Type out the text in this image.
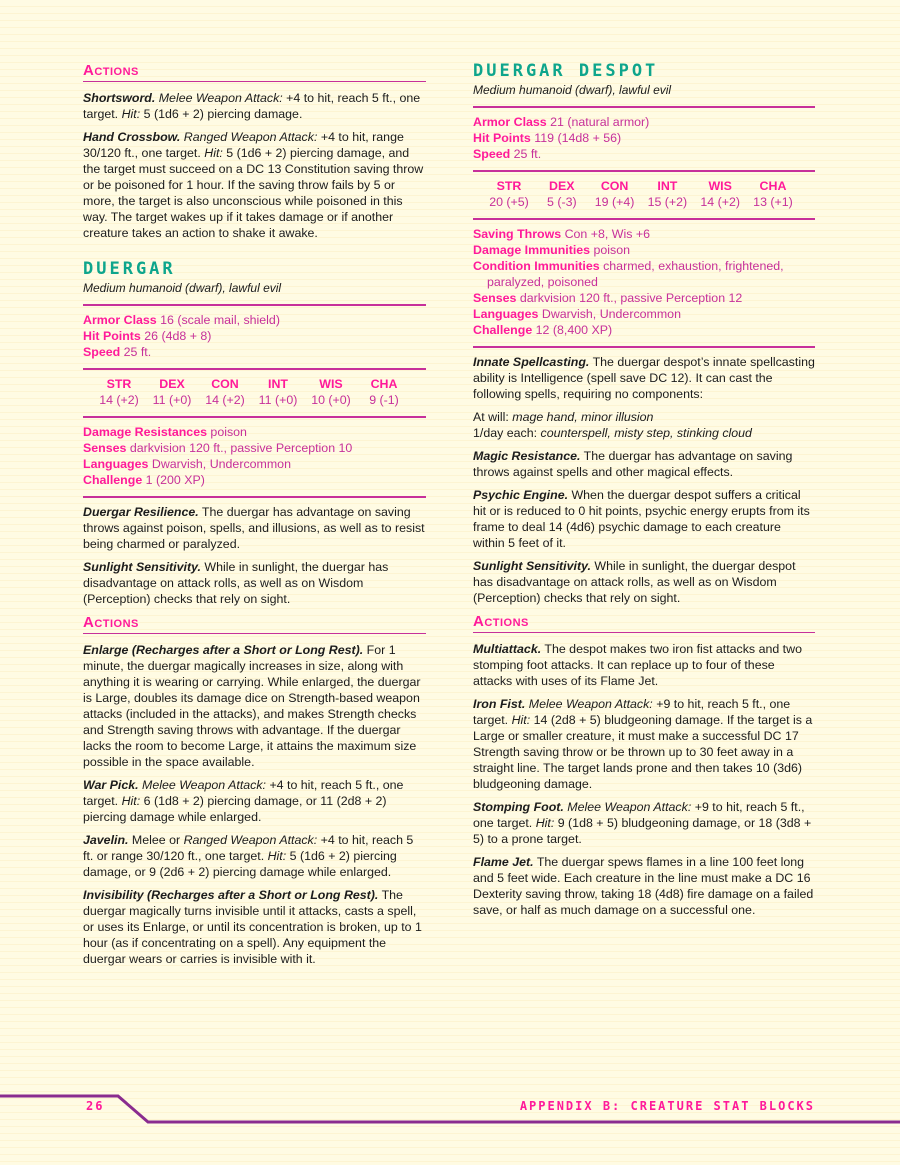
Actions

Shortsword. Melee Weapon Attack: +4 to hit, reach 5 ft., one target. Hit: 5 (1d6 + 2) piercing damage.

Hand Crossbow. Ranged Weapon Attack: +4 to hit, range 30/120 ft., one target. Hit: 5 (1d6 + 2) piercing damage, and the target must succeed on a DC 13 Constitution saving throw or be poisoned for 1 hour. If the saving throw fails by 5 or more, the target is also unconscious while poisoned in this way. The target wakes up if it takes damage or if another creature takes an action to shake it awake.

DUERGAR
Medium humanoid (dwarf), lawful evil
Armor Class 16 (scale mail, shield)
Hit Points 26 (4d8 + 8)
Speed 25 ft.
STR
14 (+2)
DEX
11 (+0)
CON
14 (+2)
INT
11 (+0)
WIS
10 (+0)
CHA
9 (-1)
Damage Resistances poison
Senses darkvision 120 ft., passive Perception 10
Languages Dwarvish, Undercommon
Challenge 1 (200 XP)

Duergar Resilience. The duergar has advantage on saving throws against poison, spells, and illusions, as well as to resist being charmed or paralyzed.

Sunlight Sensitivity. While in sunlight, the duergar has disadvantage on attack rolls, as well as on Wisdom (Perception) checks that rely on sight.

Actions

Enlarge (Recharges after a Short or Long Rest). For 1 minute, the duergar magically increases in size, along with anything it is wearing or carrying. While enlarged, the duergar is Large, doubles its damage dice on Strength-based weapon attacks (included in the attacks), and makes Strength checks and Strength saving throws with advantage. If the duergar lacks the room to become Large, it attains the maximum size possible in the space available.

War Pick. Melee Weapon Attack: +4 to hit, reach 5 ft., one target. Hit: 6 (1d8 + 2) piercing damage, or 11 (2d8 + 2) piercing damage while enlarged.

Javelin. Melee or Ranged Weapon Attack: +4 to hit, reach 5 ft. or range 30/120 ft., one target. Hit: 5 (1d6 + 2) piercing damage, or 9 (2d6 + 2) piercing damage while enlarged.

Invisibility (Recharges after a Short or Long Rest). The duergar magically turns invisible until it attacks, casts a spell, or uses its Enlarge, or until its concentration is broken, up to 1 hour (as if concentrating on a spell). Any equipment the duergar wears or carries is invisible with it.

DUERGAR DESPOT
Medium humanoid (dwarf), lawful evil
Armor Class 21 (natural armor)
Hit Points 119 (14d8 + 56)
Speed 25 ft.
STR
20 (+5)
DEX
5 (-3)
CON
19 (+4)
INT
15 (+2)
WIS
14 (+2)
CHA
13 (+1)
Saving Throws Con +8, Wis +6
Damage Immunities poison
Condition Immunities charmed, exhaustion, frightened,
paralyzed, poisoned
Senses darkvision 120 ft., passive Perception 12
Languages Dwarvish, Undercommon
Challenge 12 (8,400 XP)

Innate Spellcasting. The duergar despot’s innate spellcasting ability is Intelligence (spell save DC 12). It can cast the following spells, requiring no components:

At will: mage hand, minor illusion

1/day each: counterspell, misty step, stinking cloud

Magic Resistance. The duergar has advantage on saving throws against spells and other magical effects.

Psychic Engine. When the duergar despot suffers a critical hit or is reduced to 0 hit points, psychic energy erupts from its frame to deal 14 (4d6) psychic damage to each creature within 5 feet of it.

Sunlight Sensitivity. While in sunlight, the duergar despot has disadvantage on attack rolls, as well as on Wisdom (Perception) checks that rely on sight.

Actions

Multiattack. The despot makes two iron fist attacks and two stomping foot attacks. It can replace up to four of these attacks with uses of its Flame Jet.

Iron Fist. Melee Weapon Attack: +9 to hit, reach 5 ft., one target. Hit: 14 (2d8 + 5) bludgeoning damage. If the target is a Large or smaller creature, it must make a successful DC 17 Strength saving throw or be thrown up to 30 feet away in a straight line. The target lands prone and then takes 10 (3d6) bludgeoning damage.

Stomping Foot. Melee Weapon Attack: +9 to hit, reach 5 ft., one target. Hit: 9 (1d8 + 5) bludgeoning damage, or 18 (3d8 + 5) to a prone target.

Flame Jet. The duergar spews flames in a line 100 feet long and 5 feet wide. Each creature in the line must make a DC 16 Dexterity saving throw, taking 18 (4d8) fire damage on a failed save, or half as much damage on a successful one.

26	APPENDIX B: CREATURE STAT BLOCKS
